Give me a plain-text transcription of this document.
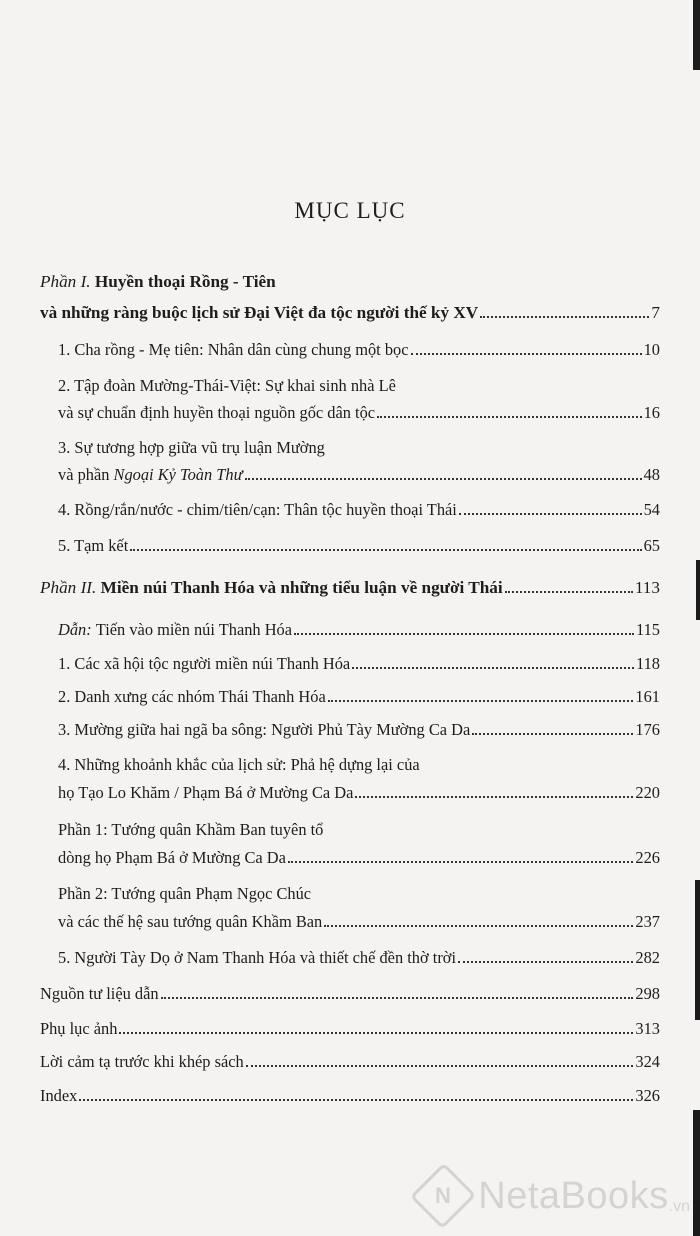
MỤC LỤC
Phần I.
Huyền thoại Rồng - Tiên
và những ràng buộc lịch sử Đại Việt đa tộc người thế kỷ XV	7
1. Cha rồng - Mẹ tiên: Nhân dân cùng chung một bọc	10
2. Tập đoàn Mường-Thái-Việt: Sự khai sinh nhà Lê
và sự chuẩn định huyền thoại nguồn gốc dân tộc	16
3. Sự tương hợp giữa vũ trụ luận Mường
và phần Ngoại Kỷ Toàn Thư	48
4. Rồng/rắn/nước - chim/tiên/cạn: Thân tộc huyền thoại Thái	54
5. Tạm kết	65
Phần II.
Miền núi Thanh Hóa và những tiểu luận về người Thái	113
Dẫn:
Tiến vào miền núi Thanh Hóa	115
1. Các xã hội tộc người miền núi Thanh Hóa	118
2. Danh xưng các nhóm Thái Thanh Hóa	161
3. Mường giữa hai ngã ba sông: Người Phủ Tày Mường Ca Da	176
4. Những khoảnh khắc của lịch sử: Phả hệ dựng lại của
họ Tạo Lo Khăm / Phạm Bá ở Mường Ca Da	220
Phần 1: Tướng quân Khầm Ban tuyên tổ
dòng họ Phạm Bá ở Mường Ca Da	226
Phần 2: Tướng quân Phạm Ngọc Chúc
và các thế hệ sau tướng quân Khầm Ban	237
5. Người Tày Dọ ở Nam Thanh Hóa và thiết chế đền thờ trời	282
Nguồn tư liệu dẫn	298
Phụ lục ảnh	313
Lời cảm tạ trước khi khép sách	324
Index	326
N NetaBooks .vn
